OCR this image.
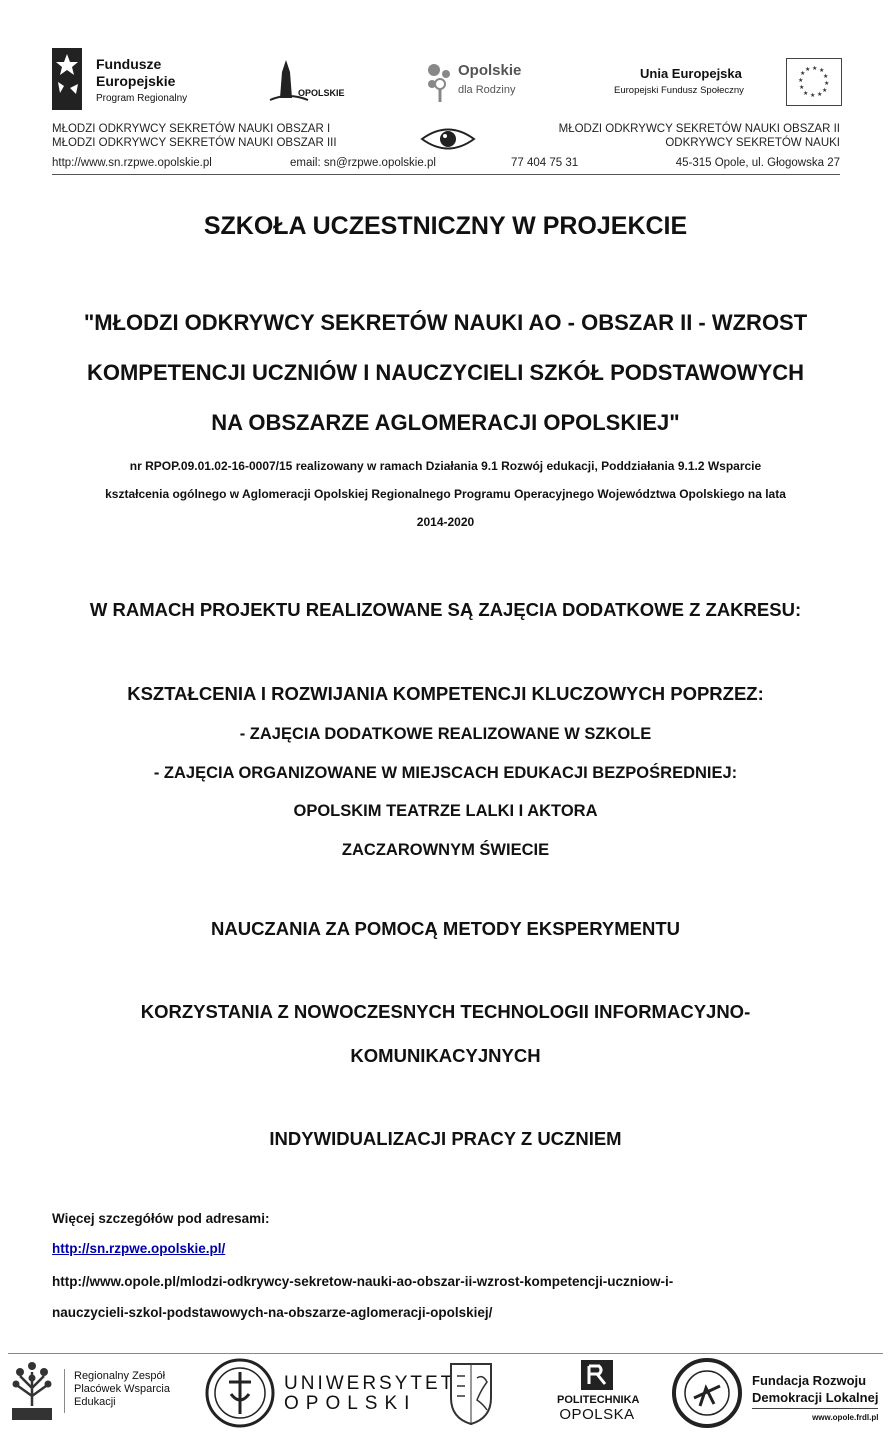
Fundusze
Europejskie
Program Regionalny	OPOLSKIE
Opolskie
dla Rodziny
Unia Europejska
Europejski Fundusz Społeczny
★ ★
★
★
★
★
★
★
★
★
★
★
MŁODZI ODKRYWCY SEKRETÓW NAUKI OBSZAR I
MŁODZI ODKRYWCY SEKRETÓW NAUKI OBSZAR III
MŁODZI ODKRYWCY SEKRETÓW NAUKI OBSZAR II
ODKRYWCY SEKRETÓW NAUKI
http://www.sn.rzpwe.opolskie.pl	email: sn@rzpwe.opolskie.pl	77 404 75 31	45-315 Opole, ul. Głogowska 27
SZKOŁA UCZESTNICZNY W PROJEKCIE
"MŁODZI ODKRYWCY SEKRETÓW NAUKI AO - OBSZAR II - WZROST
KOMPETENCJI UCZNIÓW I NAUCZYCIELI SZKÓŁ PODSTAWOWYCH
NA OBSZARZE AGLOMERACJI OPOLSKIEJ"
nr RPOP.09.01.02-16-0007/15 realizowany w ramach Działania 9.1 Rozwój edukacji, Poddziałania 9.1.2 Wsparcie
kształcenia ogólnego w Aglomeracji Opolskiej Regionalnego Programu Operacyjnego Województwa Opolskiego na lata
2014-2020
W RAMACH PROJEKTU REALIZOWANE SĄ ZAJĘCIA DODATKOWE Z ZAKRESU:
KSZTAŁCENIA I ROZWIJANIA KOMPETENCJI KLUCZOWYCH POPRZEZ:
- ZAJĘCIA DODATKOWE REALIZOWANE W SZKOLE
- ZAJĘCIA ORGANIZOWANE W MIEJSCACH EDUKACJI BEZPOŚREDNIEJ:
OPOLSKIM TEATRZE LALKI I AKTORA
ZACZAROWNYM ŚWIECIE
NAUCZANIA ZA POMOCĄ METODY EKSPERYMENTU
KORZYSTANIA Z NOWOCZESNYCH TECHNOLOGII INFORMACYJNO-
KOMUNIKACYJNYCH
INDYWIDUALIZACJI PRACY Z UCZNIEM
Więcej szczegółów pod adresami:
http://sn.rzpwe.opolskie.pl/
http://www.opole.pl/mlodzi-odkrywcy-sekretow-nauki-ao-obszar-ii-wzrost-kompetencji-uczniow-i-
nauczycieli-szkol-podstawowych-na-obszarze-aglomeracji-opolskiej/
Regionalny Zespół
Placówek Wsparcia
Edukacji
UNIWERSYTET
OPOLSKI	POLITECHNIKA
OPOLSKA
Fundacja Rozwoju
Demokracji Lokalnej
www.opole.frdl.pl
